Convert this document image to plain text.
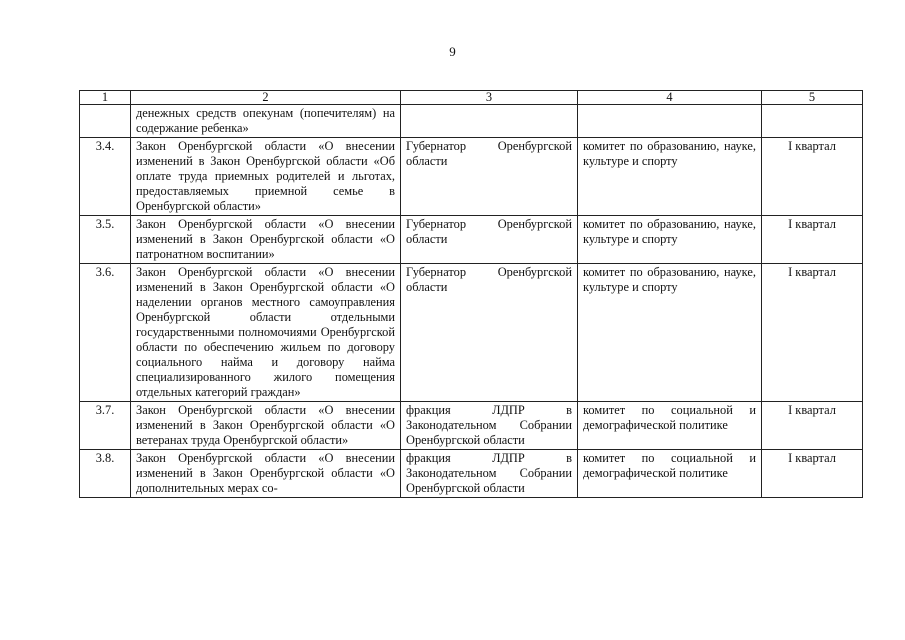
9
1	2	3	4	5
	денежных средств опекунам (попечителям) на содержание ребенка»			
3.4.	Закон Оренбургской области «О внесении изменений в Закон Оренбургской области «Об оплате труда приемных родителей и льготах, предоставляемых приемной семье в Оренбургской области»	Губернатор Оренбургской области	комитет по образованию, науке, культуре и спорту	I квартал
3.5.	Закон Оренбургской области «О внесении изменений в Закон Оренбургской области «О патронатном воспитании»	Губернатор Оренбургской области	комитет по образованию, науке, культуре и спорту	I квартал
3.6.	Закон Оренбургской области «О внесении изменений в Закон Оренбургской области «О наделении органов местного самоуправления Оренбургской области отдельными государственными полномочиями Оренбургской области по обеспечению жильем по договору социального найма и договору найма специализированного жилого помещения отдельных категорий граждан»	Губернатор Оренбургской области	комитет по образованию, науке, культуре и спорту	I квартал
3.7.	Закон Оренбургской области «О внесении изменений в Закон Оренбургской области «О ветеранах труда Оренбургской области»	фракция ЛДПР в Законодательном Собрании Оренбургской области	комитет по социальной и демографической политике	I квартал
3.8.	Закон Оренбургской области «О внесении изменений в Закон Оренбургской области «О дополнительных мерах со-	фракция ЛДПР в Законодательном Собрании Оренбургской области	комитет по социальной и демографической политике	I квартал
